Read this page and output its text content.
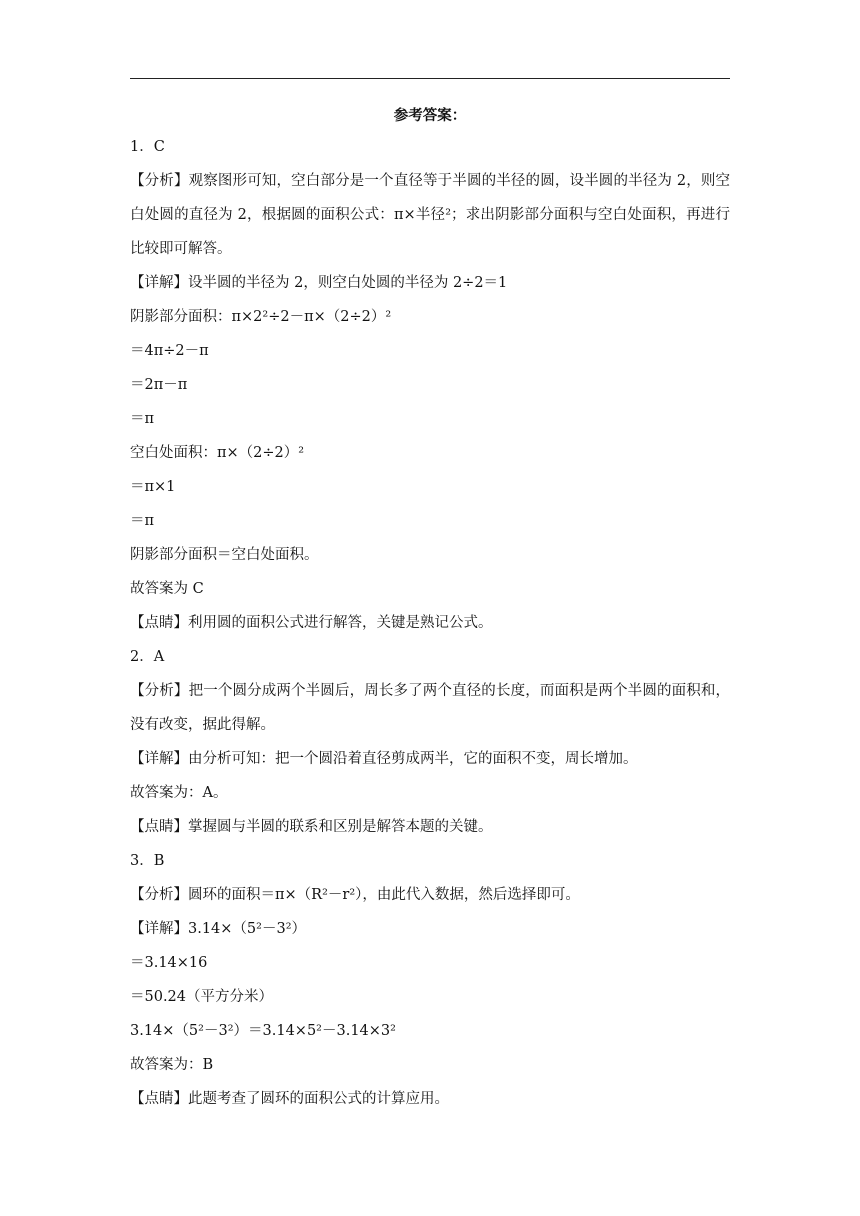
参考答案：
1．C
【分析】观察图形可知，空白部分是一个直径等于半圆的半径的圆，设半圆的半径为 2，则空白处圆的直径为 2，根据圆的面积公式：π×半径²；求出阴影部分面积与空白处面积，再进行比较即可解答。
【详解】设半圆的半径为 2，则空白处圆的半径为 2÷2＝1
阴影部分面积：π×2²÷2－π×（2÷2）²
＝4π÷2－π
＝2π－π
＝π
空白处面积：π×（2÷2）²
＝π×1
＝π
阴影部分面积＝空白处面积。
故答案为 C
【点睛】利用圆的面积公式进行解答，关键是熟记公式。
2．A
【分析】把一个圆分成两个半圆后，周长多了两个直径的长度，而面积是两个半圆的面积和，没有改变，据此得解。
【详解】由分析可知：把一个圆沿着直径剪成两半，它的面积不变，周长增加。
故答案为：A。
【点睛】掌握圆与半圆的联系和区别是解答本题的关键。
3．B
【分析】圆环的面积＝π×（R²－r²），由此代入数据，然后选择即可。
【详解】3.14×（5²－3²）
＝3.14×16
＝50.24（平方分米）
3.14×（5²－3²）＝3.14×5²－3.14×3²
故答案为：B
【点睛】此题考查了圆环的面积公式的计算应用。
